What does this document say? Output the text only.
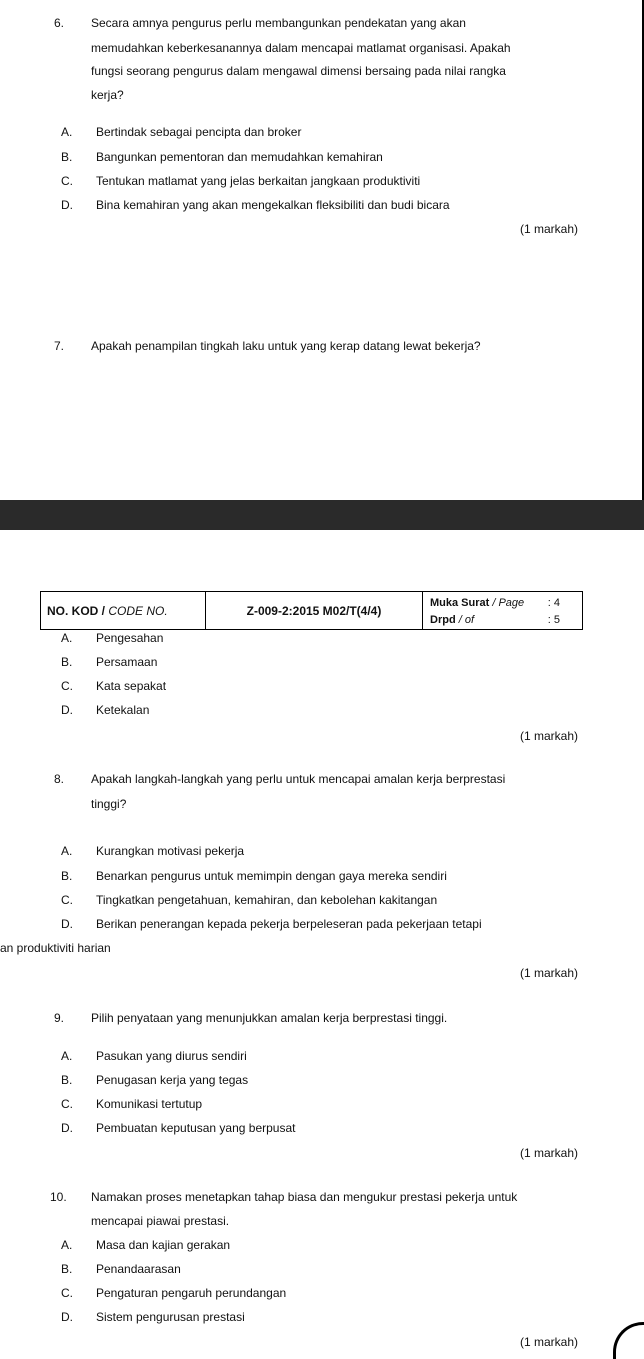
6. Secara amnya pengurus perlu membangunkan pendekatan yang akan
memudahkan keberkesanannya dalam mencapai matlamat organisasi. Apakah
fungsi seorang pengurus dalam mengawal dimensi bersaing pada nilai rangka
kerja?
A. Bertindak sebagai pencipta dan broker
B. Bangunkan pementoran dan memudahkan kemahiran
C. Tentukan matlamat yang jelas berkaitan jangkaan produktiviti
D. Bina kemahiran yang akan mengekalkan fleksibiliti dan budi bicara
(1 markah)
7. Apakah penampilan tingkah laku untuk yang kerap datang lewat bekerja?
NO. KOD / CODE NO.	Z-009-2:2015 M02/T(4/4)	
Muka Surat / Page : 4
Drpd / of	: 5
A. Pengesahan
B. Persamaan
C. Kata sepakat
D. Ketekalan
(1 markah)
8. Apakah langkah-langkah yang perlu untuk mencapai amalan kerja berprestasi
tinggi?
A. Kurangkan motivasi pekerja
B. Benarkan pengurus untuk memimpin dengan gaya mereka sendiri
C. Tingkatkan pengetahuan, kemahiran, dan kebolehan kakitangan
D. Berikan penerangan kepada pekerja berpeleseran pada pekerjaan tetapi
an produktiviti harian
(1 markah)
9. Pilih penyataan yang menunjukkan amalan kerja berprestasi tinggi.
A. Pasukan yang diurus sendiri
B. Penugasan kerja yang tegas
C. Komunikasi tertutup
D. Pembuatan keputusan yang berpusat
(1 markah)
10. Namakan proses menetapkan tahap biasa dan mengukur prestasi pekerja untuk
mencapai piawai prestasi.
A. Masa dan kajian gerakan
B. Penandaarasan
C. Pengaturan pengaruh perundangan
D. Sistem pengurusan prestasi
(1 markah)
